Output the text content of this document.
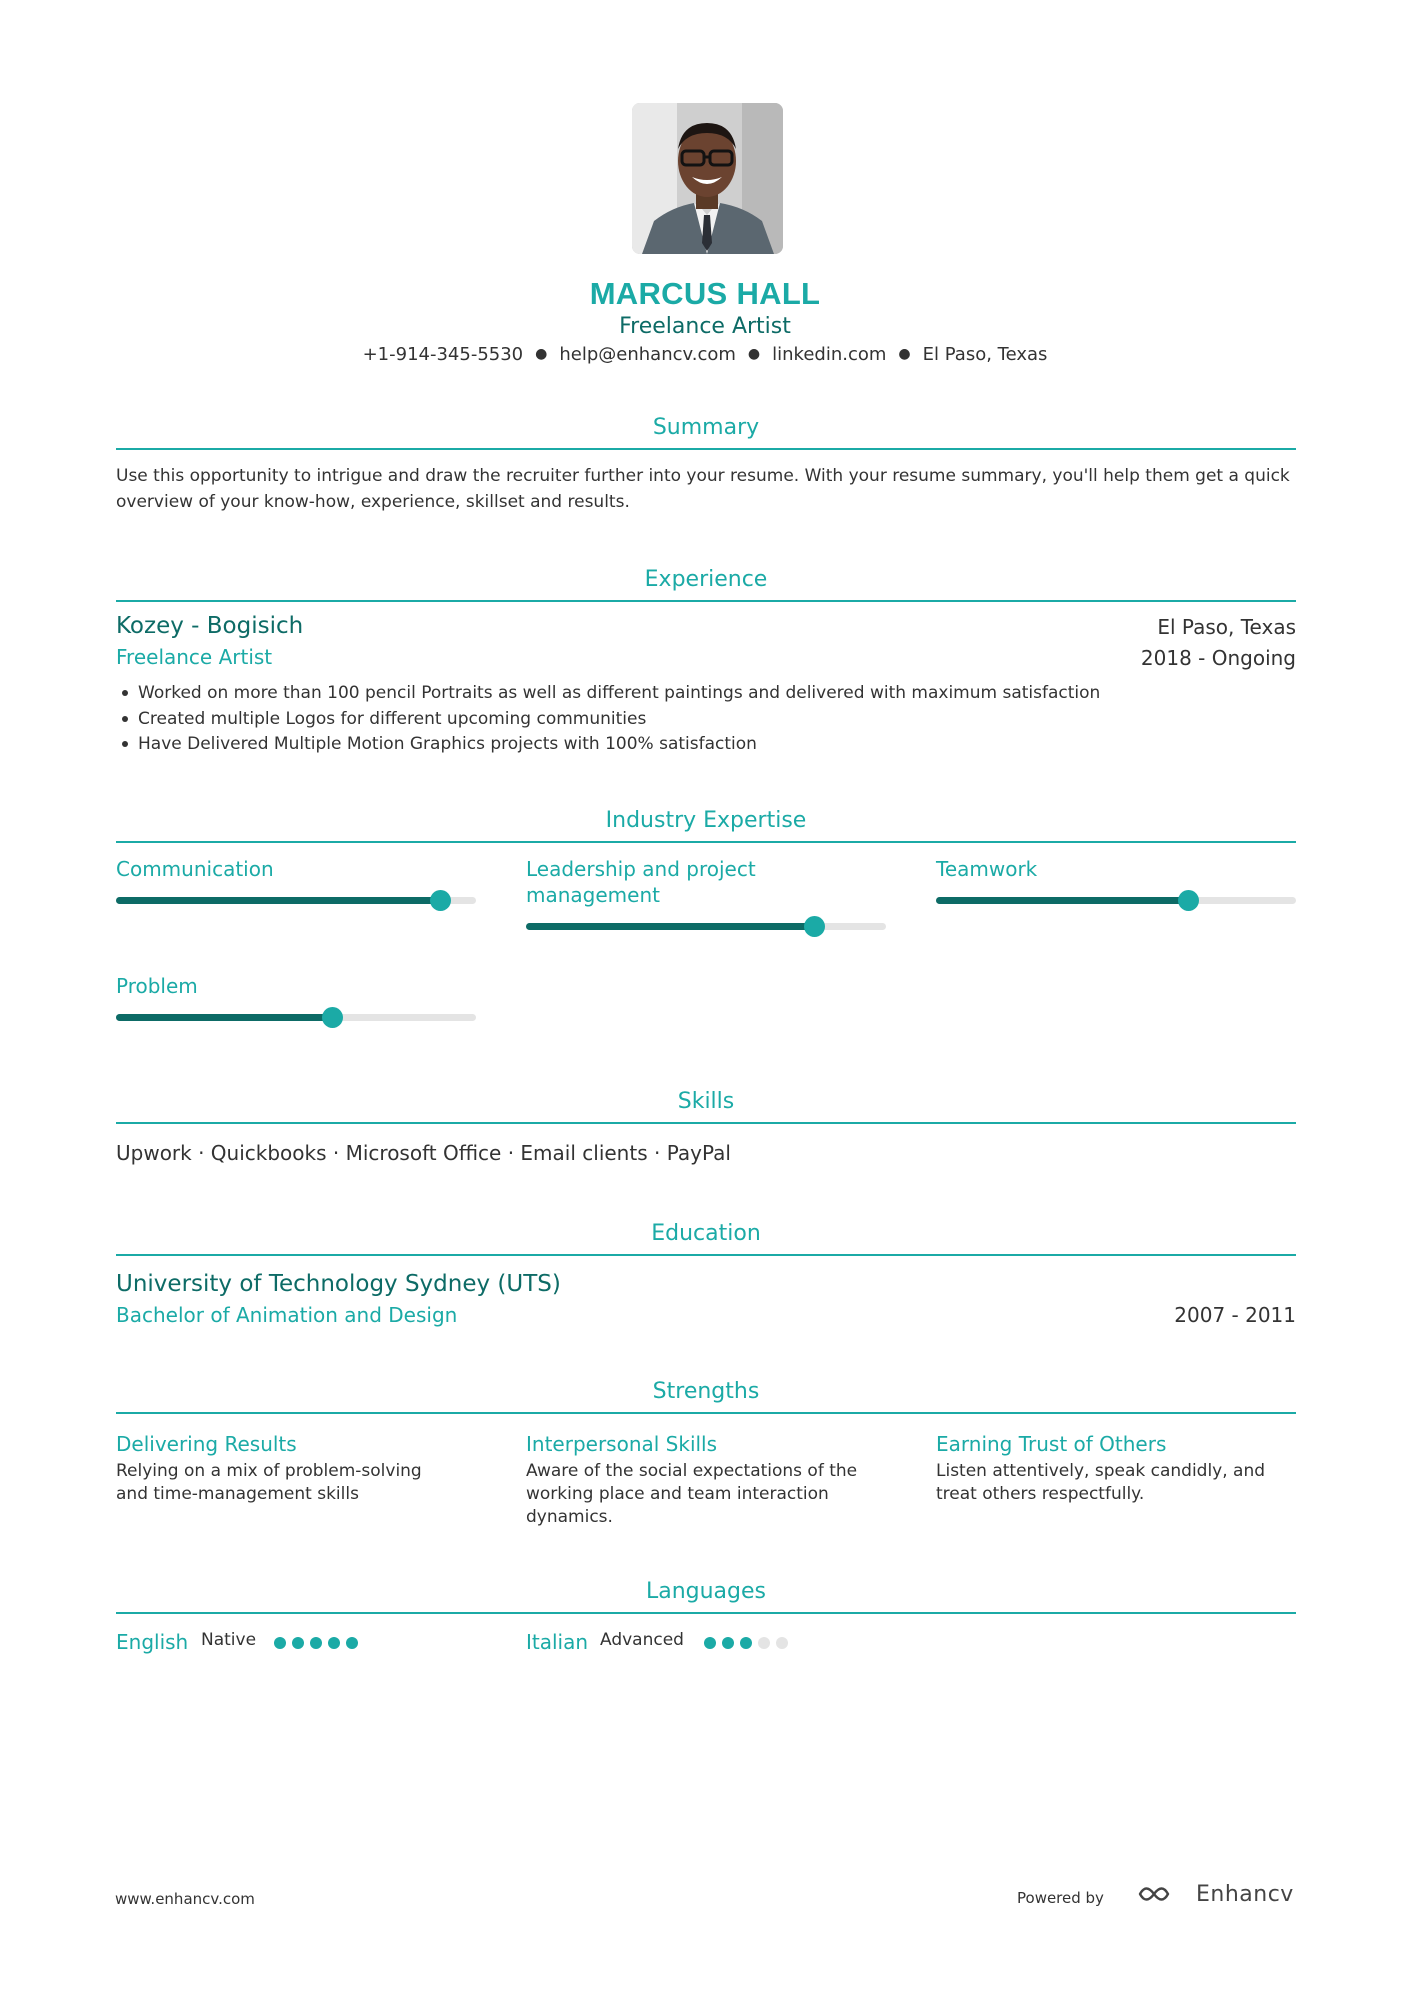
MARCUS HALL
Freelance Artist
+1-914-345-5530 ● help@enhancv.com ● linkedin.com ● El Paso, Texas
Summary
Use this opportunity to intrigue and draw the recruiter further into your resume. With your resume summary, you'll help them get a quick overview of your know-how, experience, skillset and results.
Experience
Kozey - Bogisich	El Paso, Texas
Freelance Artist	2018 - Ongoing
Worked on more than 100 pencil Portraits as well as different paintings and delivered with maximum satisfaction
Created multiple Logos for different upcoming communities
Have Delivered Multiple Motion Graphics projects with 100% satisfaction
Industry Expertise
Communication	Leadership and project management
Teamwork
Problem
Skills
Upwork · Quickbooks · Microsoft Office · Email clients · PayPal
Education
University of Technology Sydney (UTS)
Bachelor of Animation and Design	2007 - 2011
Strengths
Delivering Results
Relying on a mix of problem-solving and time-management skills
Interpersonal Skills
Aware of the social expectations of the working place and team interaction dynamics.
Earning Trust of Others
Listen attentively, speak candidly, and treat others respectfully.
Languages
English Native	Italian Advanced
www.enhancv.com	Powered by	Enhancv
